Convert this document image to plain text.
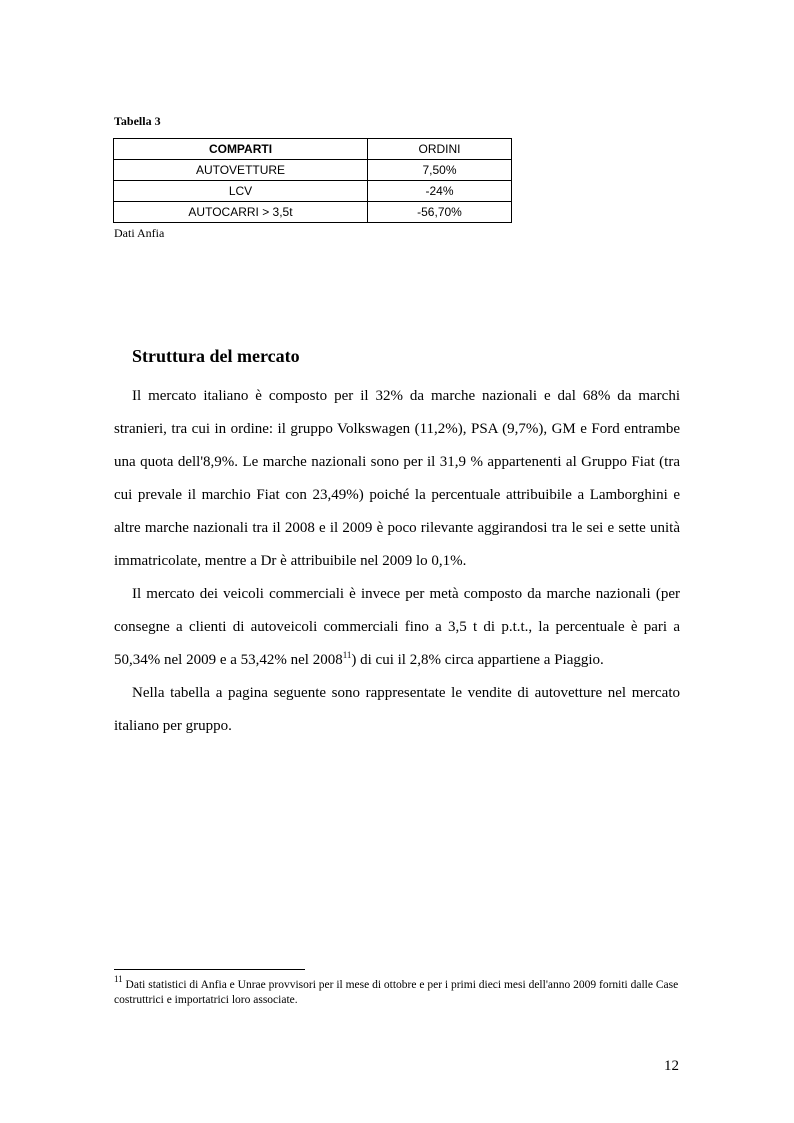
Tabella 3
COMPARTI	ORDINI
AUTOVETTURE	7,50%
LCV	-24%
AUTOCARRI > 3,5t	-56,70%
Dati Anfia
Struttura del mercato

Il mercato italiano è composto per il 32% da marche nazionali e dal 68% da marchi stranieri, tra cui in ordine: il gruppo Volkswagen (11,2%), PSA (9,7%), GM e Ford entrambe una quota dell'8,9%. Le marche nazionali sono per il 31,9 % appartenenti al Gruppo Fiat (tra cui prevale il marchio Fiat con 23,49%) poiché la percentuale attribuibile a Lamborghini e altre marche nazionali tra il 2008 e il 2009 è poco rilevante aggirandosi tra le sei e sette unità immatricolate, mentre a Dr è attribuibile nel 2009 lo 0,1%.

Il mercato dei veicoli commerciali è invece per metà composto da marche nazionali (per consegne a clienti di autoveicoli commerciali fino a 3,5 t di p.t.t., la percentuale è pari a 50,34% nel 2009 e a 53,42% nel 2008$^{11}$) di cui il 2,8% circa appartiene a Piaggio.

Nella tabella a pagina seguente sono rappresentate le vendite di autovetture nel mercato italiano per gruppo.

$^{11}$ Dati statistici di Anfia e Unrae provvisori per il mese di ottobre e per i primi dieci mesi dell'anno 2009 forniti dalle Case costruttrici e importatrici loro associate.
12
